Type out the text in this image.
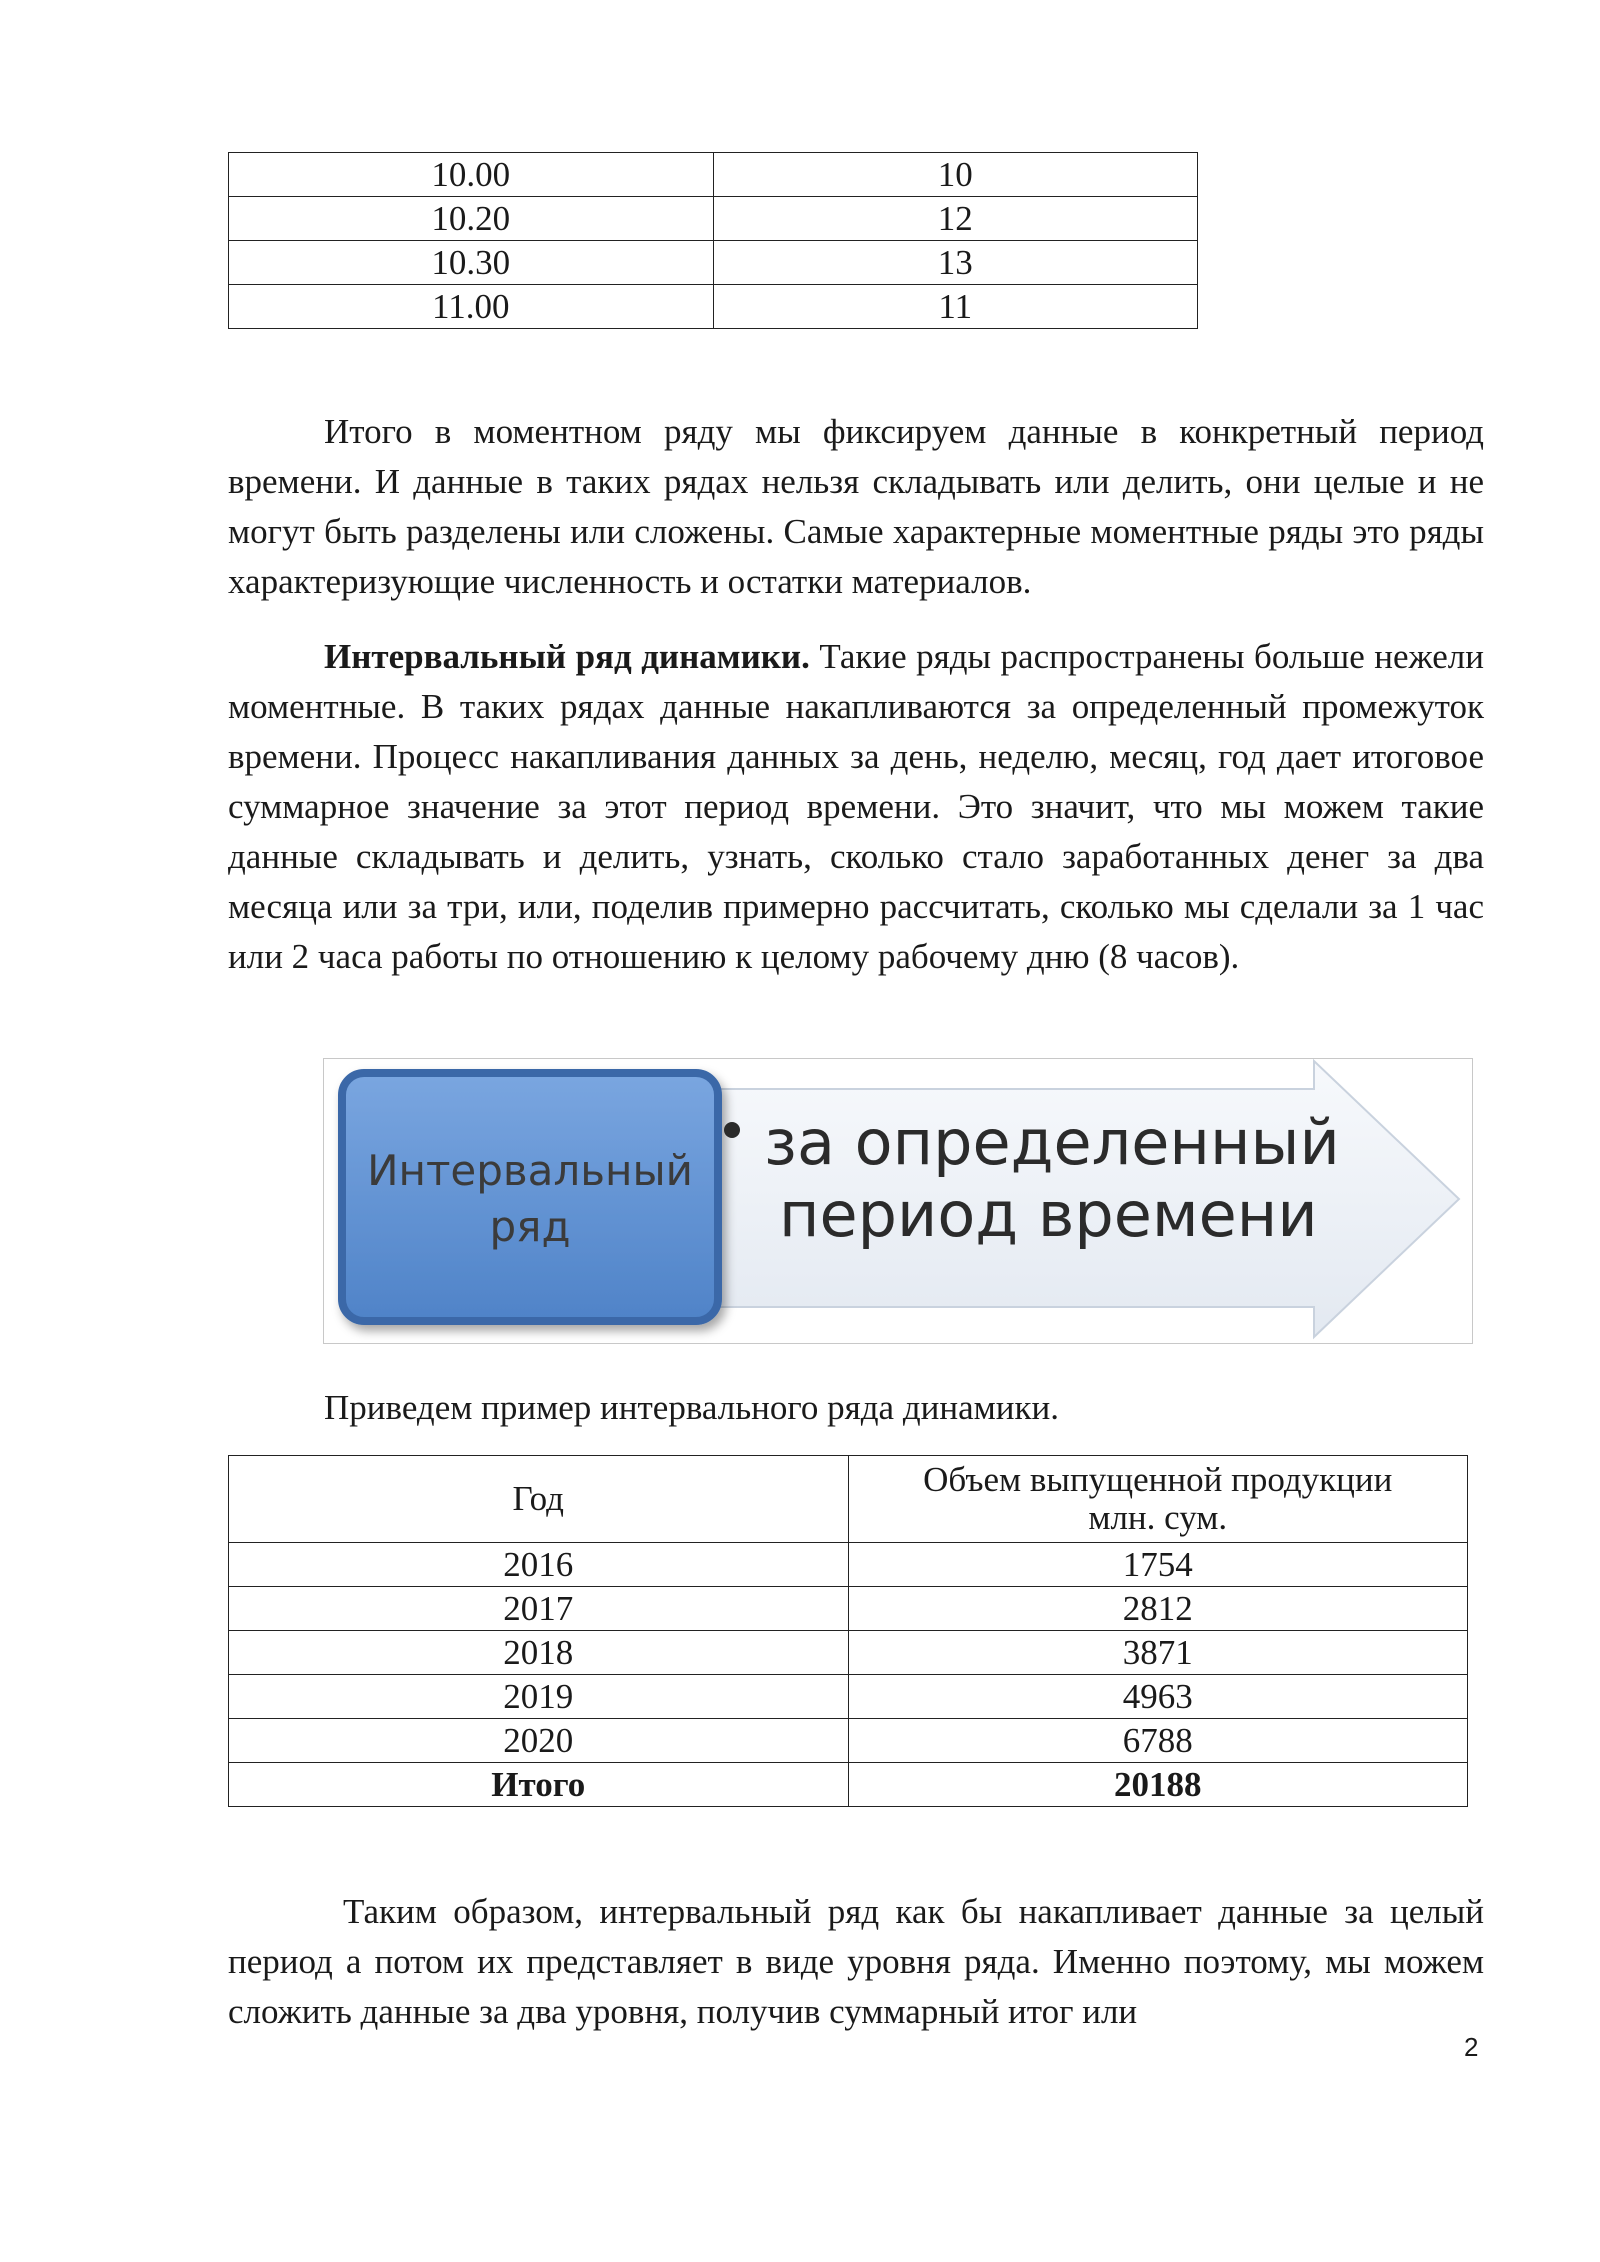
10.00	10
10.20	12
10.30	13
11.00	11

Итого в моментном ряду мы фиксируем данные в конкретный период времени. И данные в таких рядах нельзя складывать или делить, они целые и не могут быть разделены или сложены. Самые характерные моментные ряды это ряды характеризующие численность и остатки материалов.

Интервальный ряд динамики. Такие ряды распространены больше нежели моментные. В таких рядах данные накапливаются за определенный промежуток времени. Процесс накапливания данных за день, неделю, месяц, год дает итоговое суммарное значение за этот период времени. Это значит, что мы можем такие данные складывать и делить, узнать, сколько стало заработанных денег за два месяца или за три, или, поделив примерно рассчитать, сколько мы сделали за 1 час или 2 часа работы по отношению к целому рабочему дню (8 часов).

Интервальный
ряд
за определенный
период времени

Приведем пример интервального ряда динамики.

Год	Объем выпущенной продукции
млн. сум.
2016	1754
2017	2812
2018	3871
2019	4963
2020	6788
Итого	20188

Таким образом, интервальный ряд как бы накапливает данные за целый период а потом их представляет в виде уровня ряда. Именно поэтому, мы можем сложить данные за два уровня, получив суммарный итог или

2
